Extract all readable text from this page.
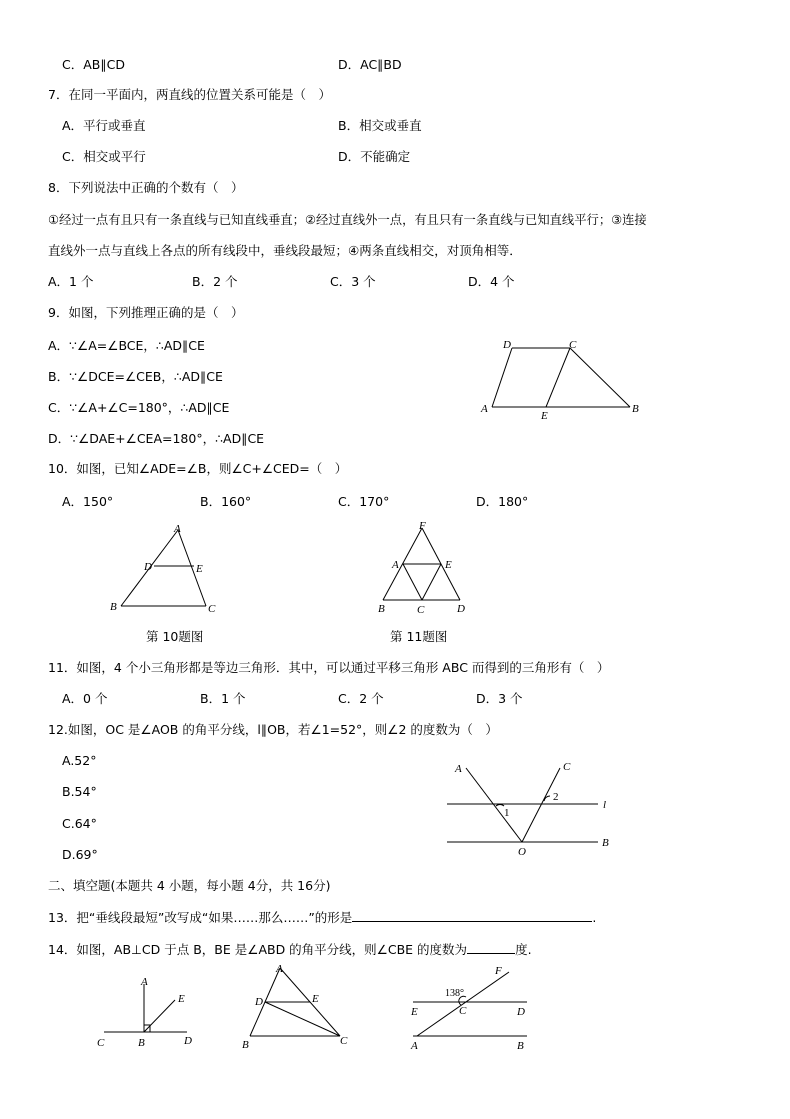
C．AB∥CD	D．AC∥BD
7．在同一平面内，两直线的位置关系可能是（　）
A．平行或垂直	B．相交或垂直
C．相交或平行	D．不能确定
8．下列说法中正确的个数有（　）
①经过一点有且只有一条直线与已知直线垂直；②经过直线外一点，有且只有一条直线与已知直线平行；③连接
直线外一点与直线上各点的所有线段中，垂线段最短；④两条直线相交，对顶角相等．
A．1 个	B．2 个	C．3 个	D．4 个
9．如图，下列推理正确的是（　）
A．∵∠A=∠BCE，∴AD∥CE
B．∵∠DCE=∠CEB，∴AD∥CE
C．∵∠A+∠C=180°，∴AD∥CE
D．∵∠DAE+∠CEA=180°，∴AD∥CE
D	C
A
E
B
10．如图，已知∠ADE=∠B，则∠C+∠CED=（　）
A．150°	B．160°	C．170°	D．180°
A
D	E
B	C
第 10题图
F
A	E
B	C	D
第 11题图
11．如图，4 个小三角形都是等边三角形．其中，可以通过平移三角形 ABC 而得到的三角形有（　）
A．0 个	B．1 个	C．2 个	D．3 个
12.如图，OC 是∠AOB 的角平分线，l∥OB，若∠1=52°，则∠2 的度数为（　）
A.52°
B.54°
C.64°
D.69°
A	C
1
2
l
O
B
二、填空题(本题共 4 小题，每小题 4分，共 16分)
13．把“垂线段最短”改写成“如果……那么……”的形是	.
14．如图，AB⊥CD 于点 B，BE 是∠ABD 的角平分线，则∠CBE 的度数为	度.
A
E
C	B	D
A
D	E
B	C
F
138°
E	C	D
A	B
